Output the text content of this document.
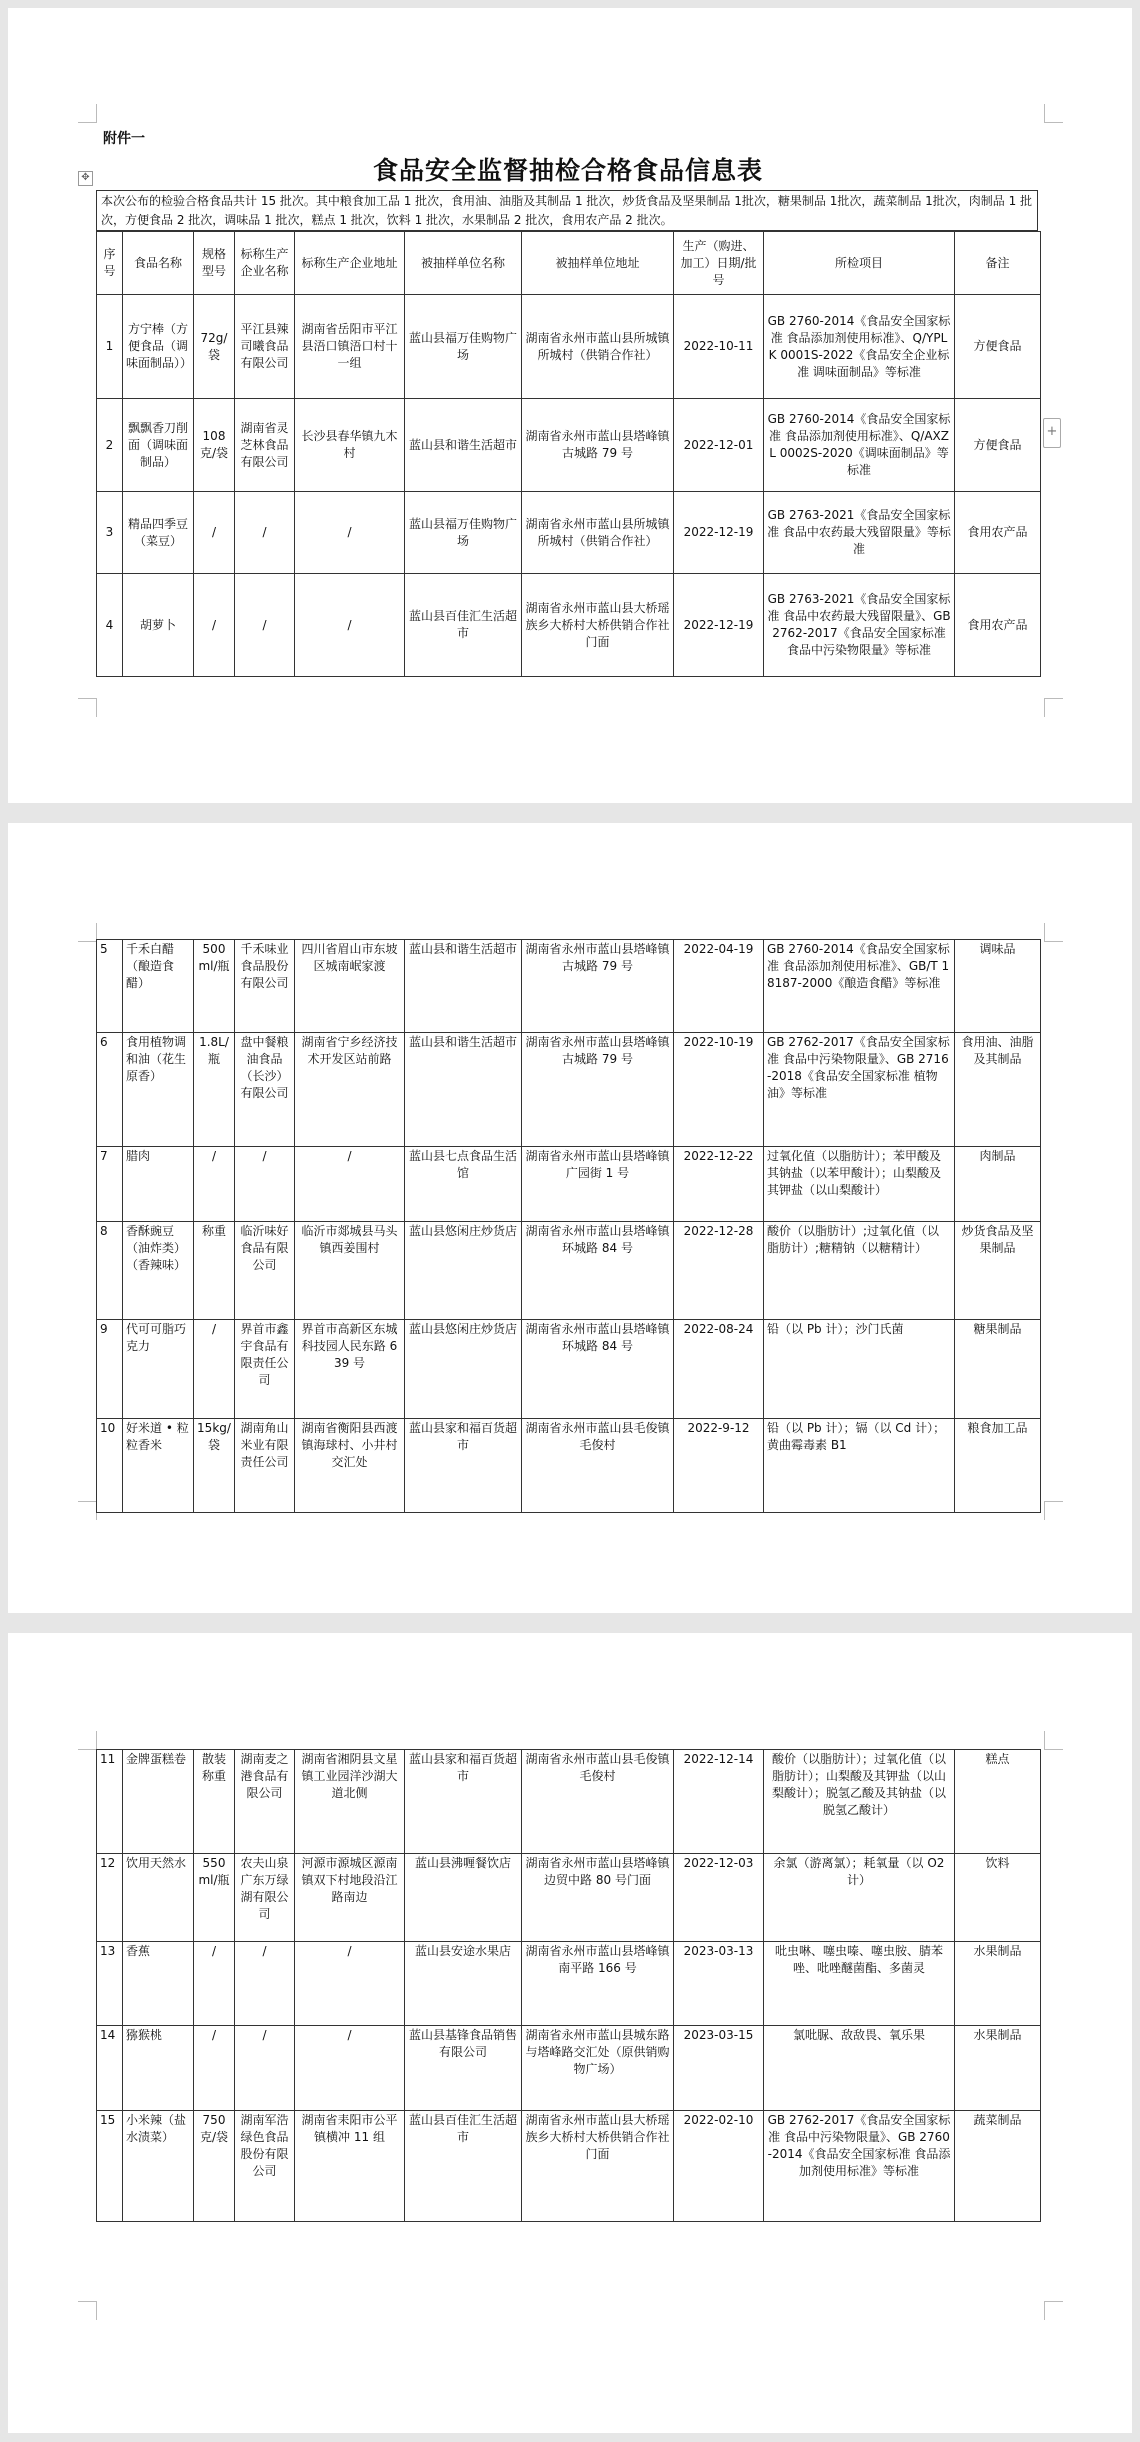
附件一
✥	食品安全监督抽检合格食品信息表
+
本次公布的检验合格食品共计 15 批次。其中粮食加工品 1 批次，食用油、油脂及其制品 1 批次，炒货食品及坚果制品 1批次，糖果制品 1批次，蔬菜制品 1批次，肉制品 1 批次，方便食品 2 批次，调味品 1 批次，糕点 1 批次，饮料 1 批次，水果制品 2 批次，食用农产品 2 批次。
序号	食品名称	规格型号	标称生产企业名称	标称生产企业地址	被抽样单位名称	被抽样单位地址	生产（购进、加工）日期/批号	所检项目	备注
1	方宁棒（方便食品（调味面制品））	72g/袋	平江县辣司曦食品有限公司	湖南省岳阳市平江县浯口镇浯口村十一组	蓝山县福万佳购物广场	湖南省永州市蓝山县所城镇所城村（供销合作社）	2022-10-11	GB 2760-2014《食品安全国家标准 食品添加剂使用标准》、Q/YPLK 0001S-2022《食品安全企业标准 调味面制品》等标准	方便食品
2	飘飘香刀削面（调味面制品）	108克/袋	湖南省灵芝林食品有限公司	长沙县春华镇九木村	蓝山县和谐生活超市	湖南省永州市蓝山县塔峰镇古城路 79 号	2022-12-01	GB 2760-2014《食品安全国家标准 食品添加剂使用标准》、Q/AXZL 0002S-2020《调味面制品》等标准	方便食品
3	精品四季豆（菜豆）	/	/	/	蓝山县福万佳购物广场	湖南省永州市蓝山县所城镇所城村（供销合作社）	2022-12-19	GB 2763-2021《食品安全国家标准 食品中农药最大残留限量》等标准	食用农产品
4	胡萝卜	/	/	/	蓝山县百佳汇生活超市	湖南省永州市蓝山县大桥瑶族乡大桥村大桥供销合作社门面	2022-12-19	GB 2763-2021《食品安全国家标准 食品中农药最大残留限量》、GB 2762-2017《食品安全国家标准 食品中污染物限量》等标准	食用农产品
5	千禾白醋（酿造食醋）	500ml/瓶	千禾味业食品股份有限公司	四川省眉山市东坡区城南岷家渡	蓝山县和谐生活超市	湖南省永州市蓝山县塔峰镇古城路 79 号	2022-04-19	GB 2760-2014《食品安全国家标准 食品添加剂使用标准》、GB/T 18187-2000《酿造食醋》等标准	调味品
6	食用植物调和油（花生原香）	1.8L/瓶	盘中餐粮油食品（长沙）有限公司	湖南省宁乡经济技术开发区站前路	蓝山县和谐生活超市	湖南省永州市蓝山县塔峰镇古城路 79 号	2022-10-19	GB 2762-2017《食品安全国家标准 食品中污染物限量》、GB 2716-2018《食品安全国家标准 植物油》等标准	食用油、油脂及其制品
7	腊肉	/	/	/	蓝山县七点食品生活馆	湖南省永州市蓝山县塔峰镇广园街 1 号	2022-12-22	过氧化值（以脂肪计）；苯甲酸及其钠盐（以苯甲酸计）；山梨酸及其钾盐（以山梨酸计）	肉制品
8	香酥豌豆（油炸类）（香辣味）	称重	临沂味好食品有限公司	临沂市郯城县马头镇西姜围村	蓝山县悠闲庄炒货店	湖南省永州市蓝山县塔峰镇环城路 84 号	2022-12-28	酸价（以脂肪计）;过氧化值（以脂肪计）;糖精钠（以糖精计）	炒货食品及坚果制品
9	代可可脂巧克力	/	界首市鑫宇食品有限责任公司	界首市高新区东城科技园人民东路 639 号	蓝山县悠闲庄炒货店	湖南省永州市蓝山县塔峰镇环城路 84 号	2022-08-24	铅（以 Pb 计）；沙门氏菌	糖果制品
10	好米道 • 粒粒香米	15kg/袋	湖南角山米业有限责任公司	湖南省衡阳县西渡镇海球村、小井村交汇处	蓝山县家和福百货超市	湖南省永州市蓝山县毛俊镇毛俊村	2022-9-12	铅（以 Pb 计）；镉（以 Cd 计）；黄曲霉毒素 B1	粮食加工品
11	金牌蛋糕卷	散装称重	湖南麦之港食品有限公司	湖南省湘阴县文星镇工业园洋沙湖大道北侧	蓝山县家和福百货超市	湖南省永州市蓝山县毛俊镇毛俊村	2022-12-14	酸价（以脂肪计）；过氧化值（以脂肪计）；山梨酸及其钾盐（以山梨酸计）；脱氢乙酸及其钠盐（以脱氢乙酸计）	糕点
12	饮用天然水	550ml/瓶	农夫山泉广东万绿湖有限公司	河源市源城区源南镇双下村地段沿江路南边	蓝山县沸喱餐饮店	湖南省永州市蓝山县塔峰镇边贸中路 80 号门面	2022-12-03	余氯（游离氯）；耗氧量（以 O2 计）	饮料
13	香蕉	/	/	/	蓝山县安途水果店	湖南省永州市蓝山县塔峰镇南平路 166 号	2023-03-13	吡虫啉、噻虫嗪、噻虫胺、腈苯唑、吡唑醚菌酯、多菌灵	水果制品
14	猕猴桃	/	/	/	蓝山县基锋食品销售有限公司	湖南省永州市蓝山县城东路与塔峰路交汇处（原供销购物广场）	2023-03-15	氯吡脲、敌敌畏、氧乐果	水果制品
15	小米辣（盐水渍菜）	750克/袋	湖南军浩绿色食品股份有限公司	湖南省耒阳市公平镇横冲 11 组	蓝山县百佳汇生活超市	湖南省永州市蓝山县大桥瑶族乡大桥村大桥供销合作社门面	2022-02-10	GB 2762-2017《食品安全国家标准 食品中污染物限量》、GB 2760-2014《食品安全国家标准 食品添加剂使用标准》等标准	蔬菜制品
